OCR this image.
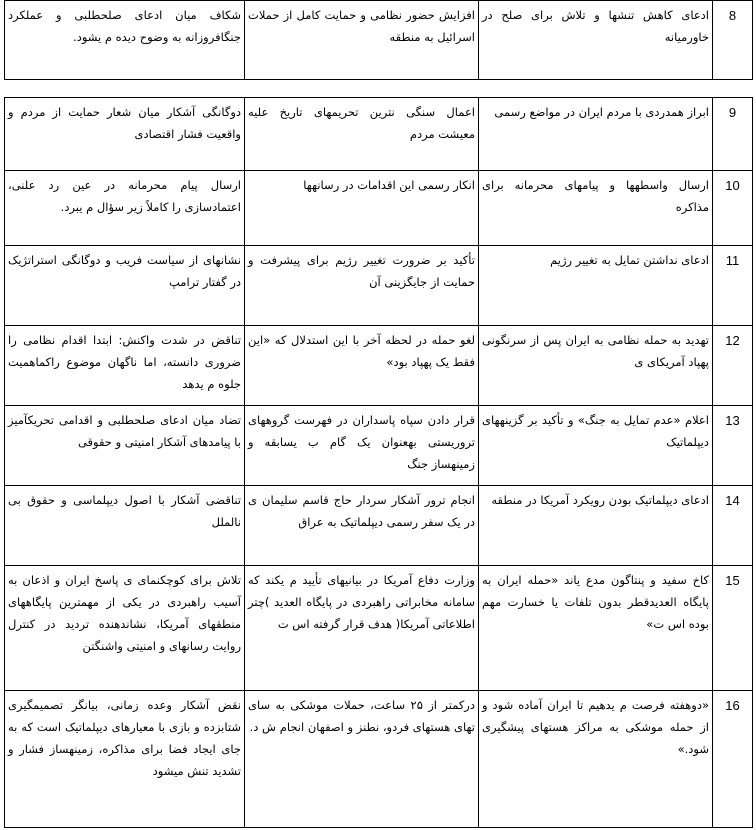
8	ادعای کاهش تنشها و تلاش برای صلح در خاورمیانه	افزایش حضور نظامی و حمایت کامل از حملات اسرائیل به منطقه	شکاف میان ادعای صلحطلبی و عملکرد جنگافروزانه به وضوح دیده م یشود.
9	ابراز همدردی با مردم ایران در مواضع رسمی	اعمال سنگی نترین تحریمهای تاریخ علیه معیشت مردم	دوگانگی آشکار میان شعار حمایت از مردم و واقعیت فشار اقتصادی
10	ارسال واسطهها و پیامهای محرمانه برای مذاکره	انکار رسمی این اقدامات در رسانهها	ارسال پیام محرمانه در عین رد علنی، اعتمادسازی را کاملاً زیر سؤال م یبرد.
11	ادعای نداشتن تمایل به تغییر رژیم	تأکید بر ضرورت تغییر رژیم برای پیشرفت و حمایت از جایگزینی آن	نشانهای از سیاست فریب و دوگانگی استراتژیک در گفتار ترامپ
12	تهدید به حمله نظامی به ایران پس از سرنگونی پهپاد آمریکای ی	لغو حمله در لحظه آخر با این استدلال که «این فقط یک پهپاد بود»	تناقض در شدت واکنش: ابتدا اقدام نظامی را ضروری دانسته، اما ناگهان موضوع راکماهمیت جلوه م یدهد
13	اعلام «عدم تمایل به جنگ» و تأکید بر گزینههای دیپلماتیک	قرار دادن سپاه پاسداران در فهرست گروههای تروریستی بهعنوان یک گام ب یسابقه و زمینهساز جنگ	تضاد میان ادعای صلحطلبی و اقدامی تحریکآمیز با پیامدهای آشکار امنیتی و حقوقی
14	ادعای دیپلماتیک بودن رویکرد آمریکا در منطقه	انجام ترور آشکار سردار حاج قاسم سلیمان ی در یک سفر رسمی دیپلماتیک به عراق	تناقضی آشکار با اصول دیپلماسی و حقوق بی نالملل
15	کاخ سفید و پنتاگون مدع یاند «حمله ایران به پایگاه العدیدقطر بدون تلفات یا خسارت مهم بوده اس ت»	وزارت دفاع آمریکا در بیانیهای تأیید م یکند که سامانه مخابراتی راهبردی در پایگاه العدید )چتر اطلاعاتی آمریکا( هدف قرار گرفته اس ت	تلاش برای کوچکنمای ی پاسخ ایران و اذعان به آسیب راهبردی در یکی از مهمترین پایگاههای منطقهای آمریکا، نشاندهنده تردید در کنترل روایت رسانهای و امنیتی واشنگتن
16	«دوهفته فرصت م یدهیم تا ایران آماده شود و از حمله موشکی به مراکز هستهای پیشگیری شود.»	درکمتر از ۲۵ ساعت، حملات موشکی به سای تهای هستهای فردو، نطنز و اصفهان انجام ش د.	نقض آشکار وعده زمانی، بیانگر تصمیمگیری شتابزده و بازی با معیارهای دیپلماتیک است که به جای ایجاد فضا برای مذاکره، زمینهساز فشار و تشدید تنش میشود
